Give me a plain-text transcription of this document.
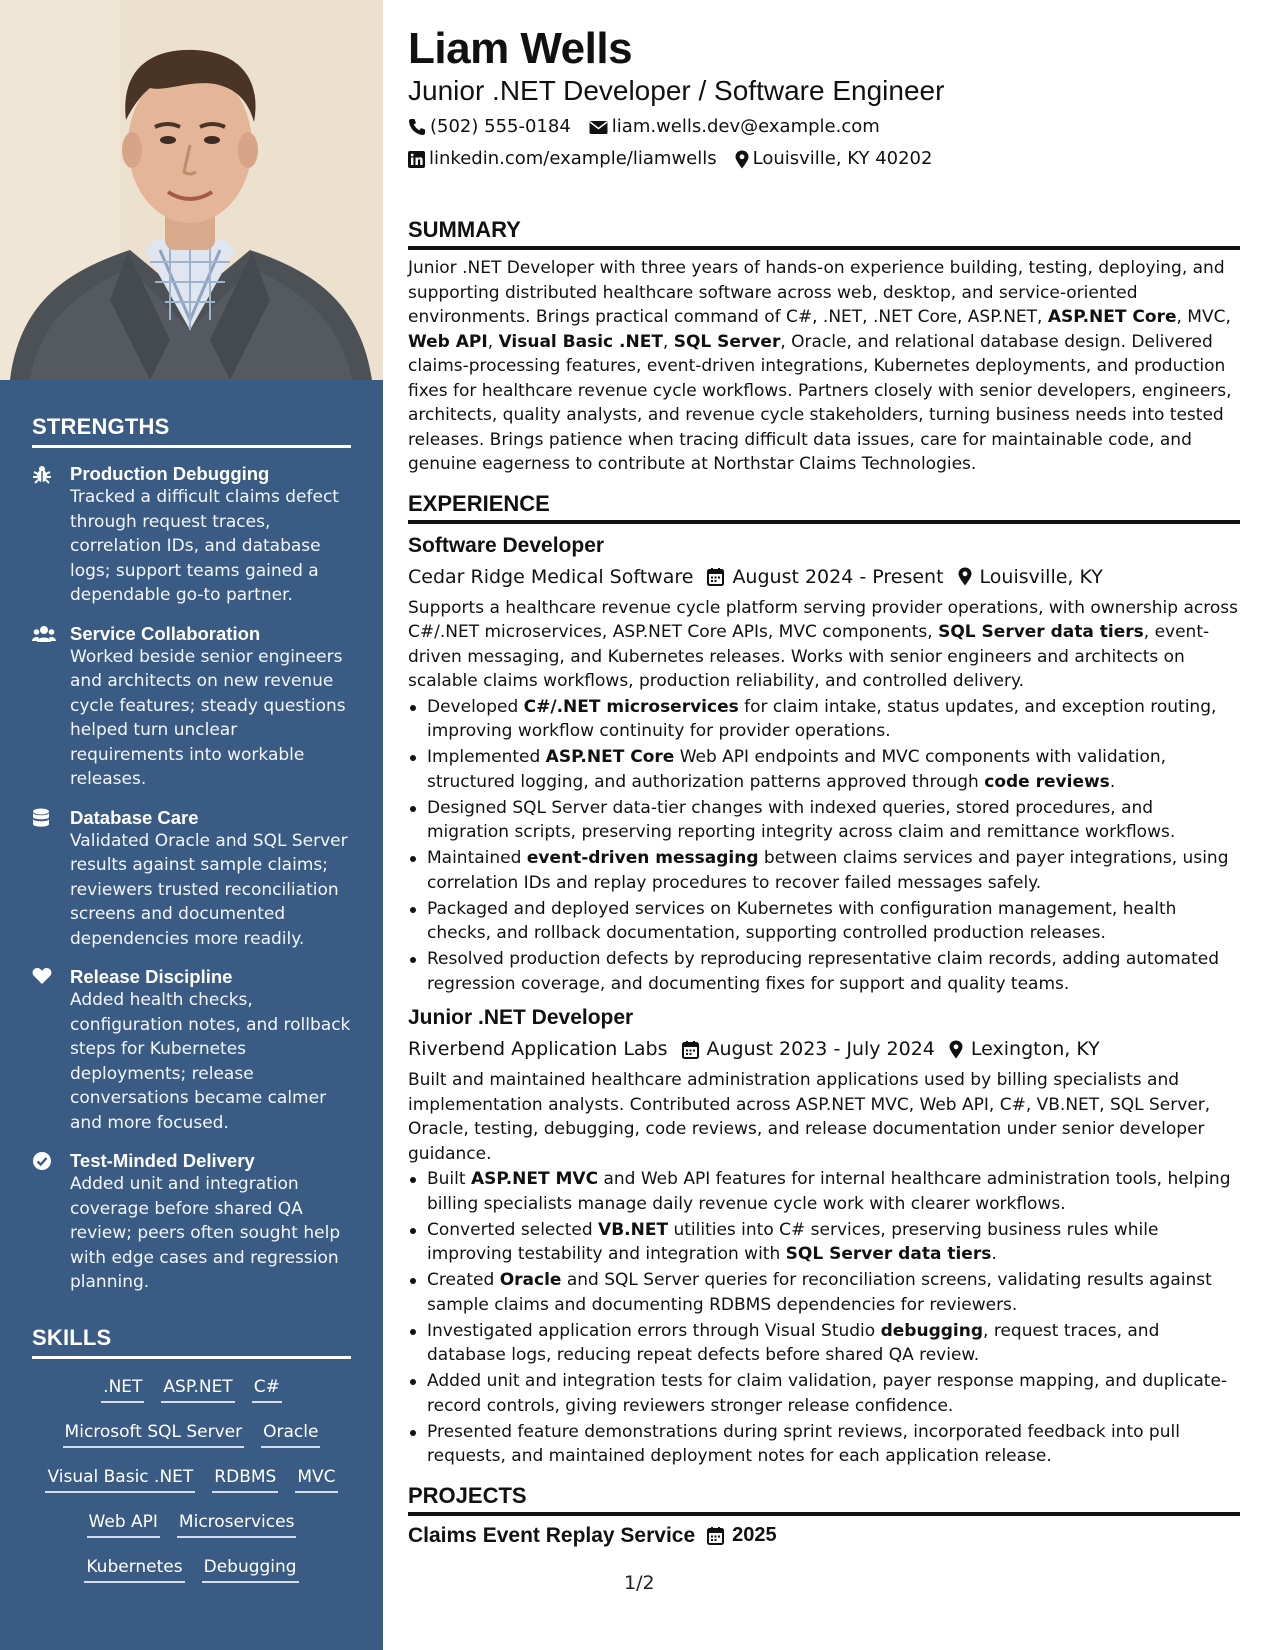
STRENGTHS
Production Debugging
Tracked a difficult claims defect through request traces, correlation IDs, and database logs; support teams gained a dependable go-to partner.
Service Collaboration
Worked beside senior engineers and architects on new revenue cycle features; steady questions helped turn unclear requirements into workable releases.
Database Care
Validated Oracle and SQL Server results against sample claims; reviewers trusted reconciliation screens and documented dependencies more readily.
Release Discipline
Added health checks, configuration notes, and rollback steps for Kubernetes deployments; release conversations became calmer and more focused.
Test-Minded Delivery
Added unit and integration coverage before shared QA review; peers often sought help with edge cases and regression planning.
SKILLS
.NET ASP.NET C#
Microsoft SQL Server Oracle
Visual Basic .NET RDBMS MVC
Web API Microservices
Kubernetes Debugging
Liam Wells
Junior .NET Developer / Software Engineer
(502) 555-0184 liam.wells.dev@example.com
linkedin.com/example/liamwells Louisville, KY 40202
SUMMARY

Junior .NET Developer with three years of hands-on experience building, testing, deploying, and supporting distributed healthcare software across web, desktop, and service-oriented environments. Brings practical command of C#, .NET, .NET Core, ASP.NET, ASP.NET Core, MVC, Web API, Visual Basic .NET, SQL Server, Oracle, and relational database design. Delivered claims-processing features, event-driven integrations, Kubernetes deployments, and production fixes for healthcare revenue cycle workflows. Partners closely with senior developers, engineers, architects, quality analysts, and revenue cycle stakeholders, turning business needs into tested releases. Brings patience when tracing difficult data issues, care for maintainable code, and genuine eagerness to contribute at Northstar Claims Technologies.

EXPERIENCE
Software Developer
Cedar Ridge Medical Software August 2024 - Present Louisville, KY

Supports a healthcare revenue cycle platform serving provider operations, with ownership across C#/.NET microservices, ASP.NET Core APIs, MVC components, SQL Server data tiers, event-driven messaging, and Kubernetes releases. Works with senior engineers and architects on scalable claims workflows, production reliability, and controlled delivery.

Developed C#/.NET microservices for claim intake, status updates, and exception routing, improving workflow continuity for provider operations.
Implemented ASP.NET Core Web API endpoints and MVC components with validation, structured logging, and authorization patterns approved through code reviews.
Designed SQL Server data-tier changes with indexed queries, stored procedures, and migration scripts, preserving reporting integrity across claim and remittance workflows.
Maintained event-driven messaging between claims services and payer integrations, using correlation IDs and replay procedures to recover failed messages safely.
Packaged and deployed services on Kubernetes with configuration management, health checks, and rollback documentation, supporting controlled production releases.
Resolved production defects by reproducing representative claim records, adding automated regression coverage, and documenting fixes for support and quality teams.
Junior .NET Developer
Riverbend Application Labs August 2023 - July 2024 Lexington, KY

Built and maintained healthcare administration applications used by billing specialists and implementation analysts. Contributed across ASP.NET MVC, Web API, C#, VB.NET, SQL Server, Oracle, testing, debugging, code reviews, and release documentation under senior developer guidance.

Built ASP.NET MVC and Web API features for internal healthcare administration tools, helping billing specialists manage daily revenue cycle work with clearer workflows.
Converted selected VB.NET utilities into C# services, preserving business rules while improving testability and integration with SQL Server data tiers.
Created Oracle and SQL Server queries for reconciliation screens, validating results against sample claims and documenting RDBMS dependencies for reviewers.
Investigated application errors through Visual Studio debugging, request traces, and database logs, reducing repeat defects before shared QA review.
Added unit and integration tests for claim validation, payer response mapping, and duplicate-record controls, giving reviewers stronger release confidence.
Presented feature demonstrations during sprint reviews, incorporated feedback into pull requests, and maintained deployment notes for each application release.
PROJECTS
Claims Event Replay Service 2025
1/2
